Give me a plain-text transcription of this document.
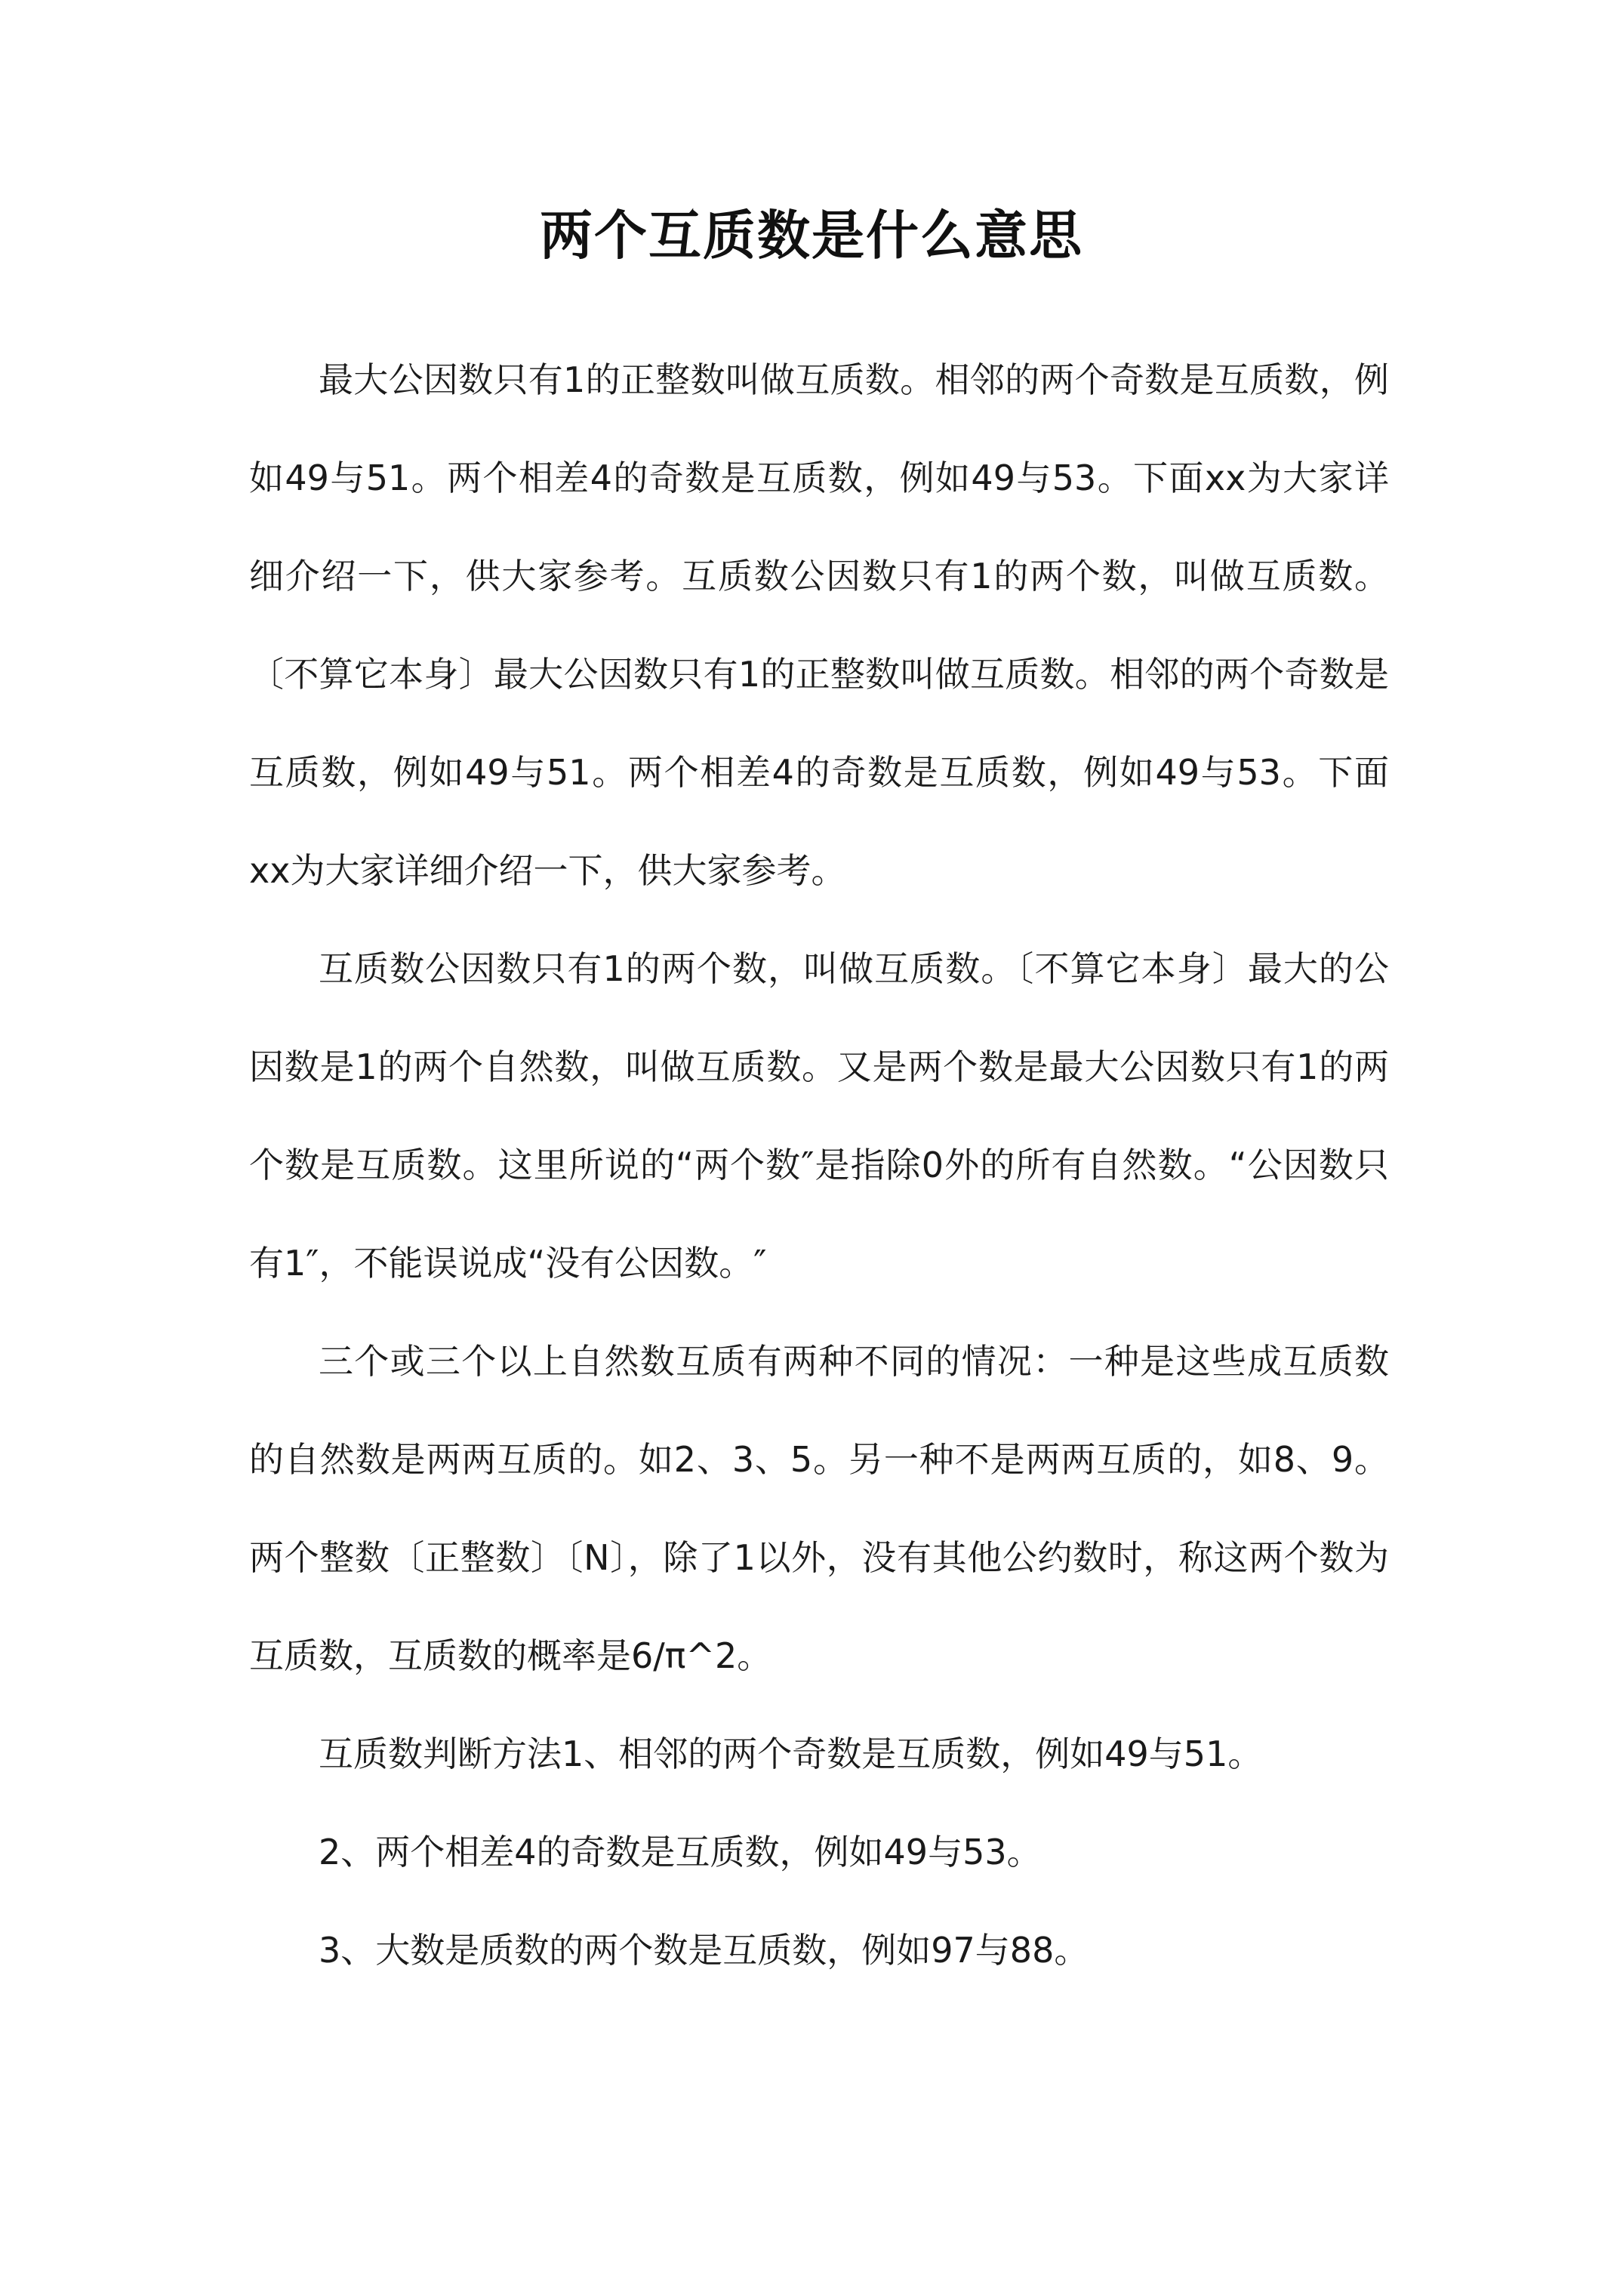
两个互质数是什么意思

最大公因数只有1的正整数叫做互质数。相邻的两个奇数是互质数，例如49与51。两个相差4的奇数是互质数，例如49与53。下面xx为大家详细介绍一下，供大家参考。互质数公因数只有1的两个数，叫做互质数。〔不算它本身〕最大公因数只有1的正整数叫做互质数。相邻的两个奇数是互质数，例如49与51。两个相差4的奇数是互质数，例如49与53。下面xx为大家详细介绍一下，供大家参考。

互质数公因数只有1的两个数，叫做互质数。〔不算它本身〕最大的公因数是1的两个自然数，叫做互质数。又是两个数是最大公因数只有1的两个数是互质数。这里所说的“两个数″是指除0外的所有自然数。“公因数只有1″，不能误说成“没有公因数。″

三个或三个以上自然数互质有两种不同的情况：一种是这些成互质数的自然数是两两互质的。如2、3、5。另一种不是两两互质的，如8、9。两个整数〔正整数〕〔N〕，除了1以外，没有其他公约数时，称这两个数为互质数，互质数的概率是6/π^2。

互质数判断方法1、相邻的两个奇数是互质数，例如49与51。

2、两个相差4的奇数是互质数，例如49与53。

3、大数是质数的两个数是互质数，例如97与88。
